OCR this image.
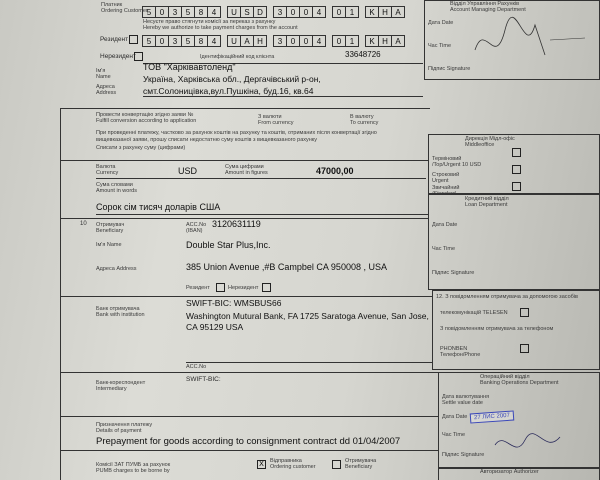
Платник
Ordering Customer
5	0	3	5	8	4	U S D	3	0	0	4	0	1	K H A
Несуєте право стягнути комісії за переказ з рахунку
Hereby we authorize to take payment charges from the account
Резидент	5	0	3	5	8	4	U A H	3	0	0	4	0	1	K H A
Нерезидент	Ідентифікаційний код клієнта	33648726
Ім'я
Name
ТОВ "Харківавтоленд"
Адреса
Address
Україна, Харківська обл., Дергачівський р-он,
смт.Солоницівка,вул.Пушкіна, буд.16, кв.64
Відділ Управління Рахунків
Account Managing Department
Дата Date
Час Time
Підпис Signature
Провести конвертацію згідно заяви №
Fulfill conversion according to application
З валюти
From currency
В валюту
To currency
При проведенні платежу, частково за рахунок коштів на рахунку та коштів, отриманих після конвертації згідно
вищевказаної заяви, прошу списати недостатню суму коштів з вищевказаного рахунку
Списати з рахунку суму (цифрами)
Дирекція Мідл-офіс
Middleoffice
Терміновий
/Top/Urgent 10 USD
Строковий
Urgent
Звичайний
/Standard
Валюта
Currency	USD	Сума цифрами
Amount in figures	47000,00
Сума словами
Amount in words
Сорок сім тисяч доларів США
Кредитний відділ
Loan Department
Дата Date
Час Time
Підпис Signature
10 Отримувач
Beneficiary
ACC.No
(IBAN)
3120631119
Ім'я Name	Double Star Plus,Inc.
Адреса Address	385 Union Avenue ,#B Campbel CA 950008 , USA
Резидент	Нерезидент
Банк отримувача
Bank with institution
SWIFT-BIC: WMSBUS66
Washington Mutural Bank, FA 1725 Saratoga Avenue, San Jose,
CA 95129 USA
ACC.No
12. З повідомленням отримувача за допомогою засобів
телекомунікацій TELESEN
З повідомленням отримувача за телефоном
PHONBEN Телефон/Phone
Банк-кореспондент
Intermediary
SWIFT-BIC:	Операційний відділ
Banking Operations Department
Дата валютування
Settle value date
Дата Date	27 ЛИС 2007
Час Time
Підпис Signature
Призначення платежу
Details of payment
Prepayment for goods according to consignment contract dd 01/04/2007
Комісії ЗАТ ПУМБ за рахунок
PUMB charges to be borne by
X	Відправника
Ordering customer
Отримувача
Beneficiary
Авторизатор Authorizer
